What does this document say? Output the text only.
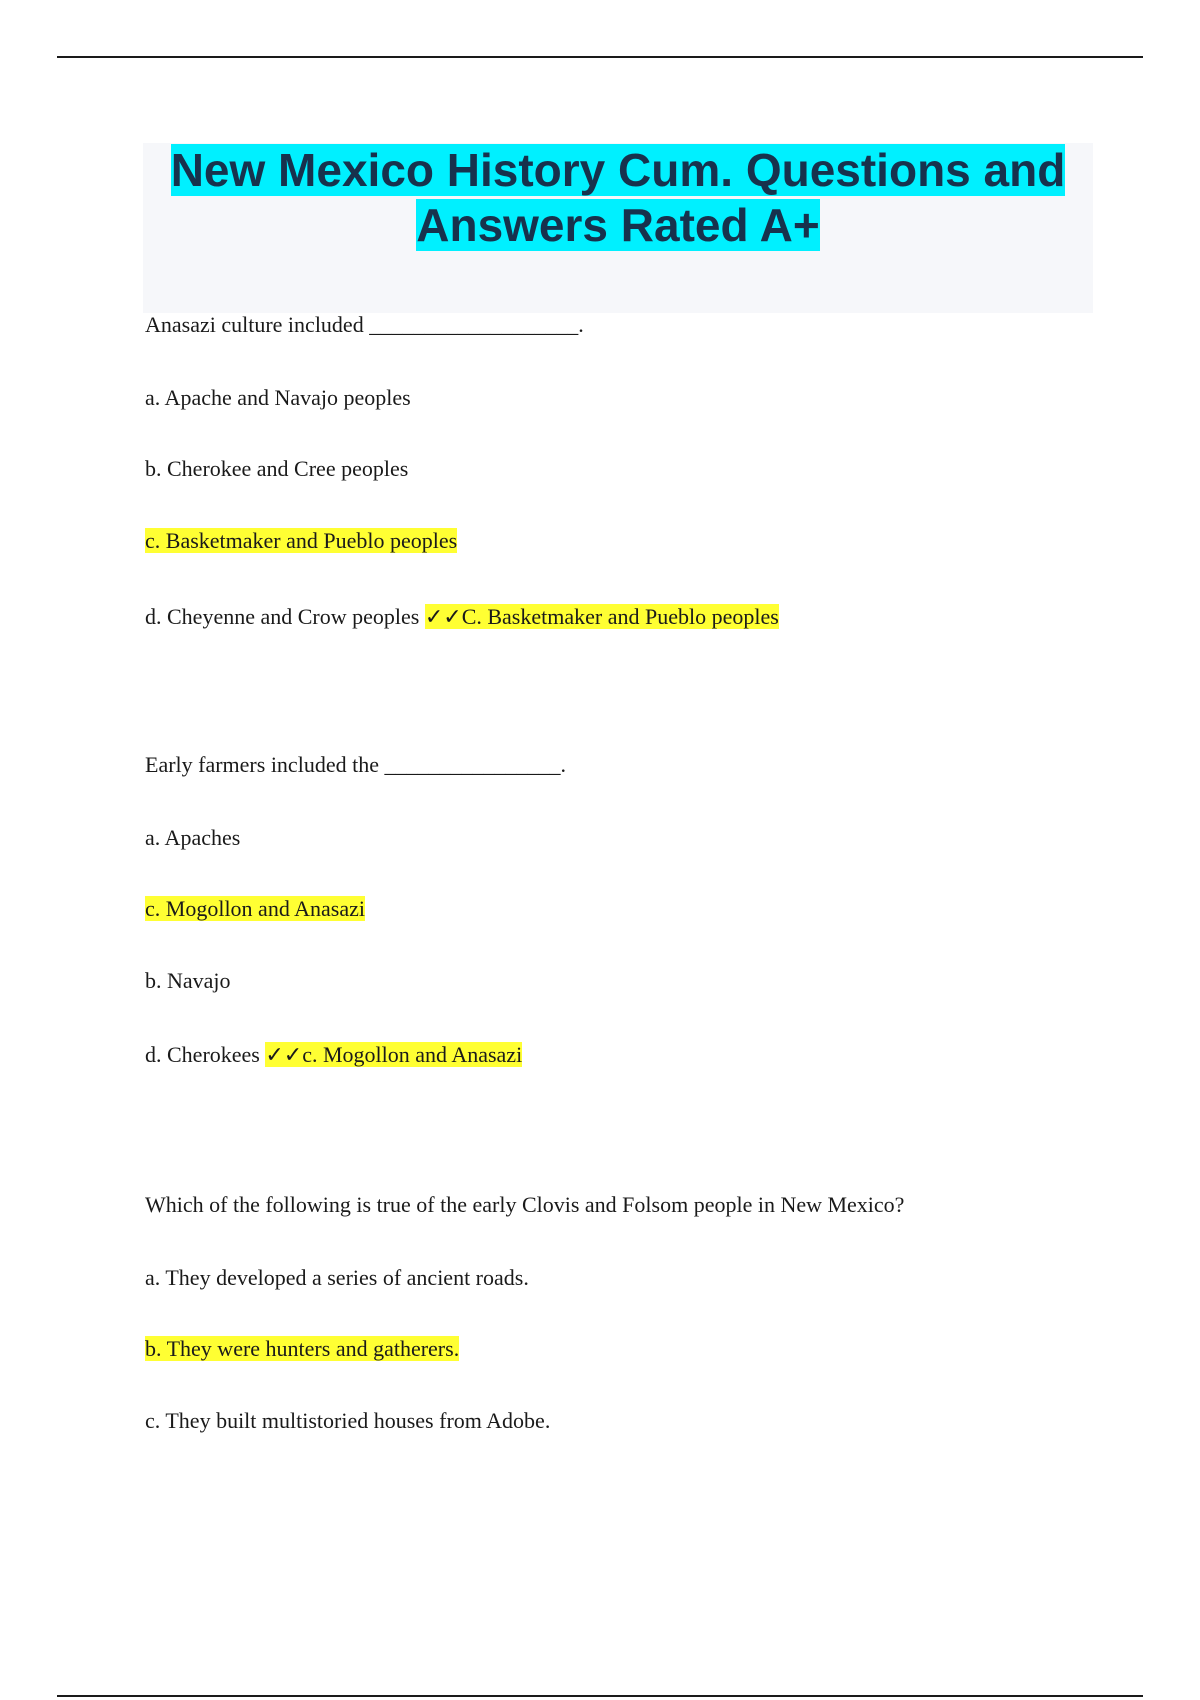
New Mexico History Cum. Questions and Answers Rated A+
Anasazi culture included ___________________.
a. Apache and Navajo peoples
b. Cherokee and Cree peoples
c. Basketmaker and Pueblo peoples
d. Cheyenne and Crow peoples ✓✓C. Basketmaker and Pueblo peoples
Early farmers included the ________________.
a. Apaches
c. Mogollon and Anasazi
b. Navajo
d. Cherokees ✓✓c. Mogollon and Anasazi
Which of the following is true of the early Clovis and Folsom people in New Mexico?
a. They developed a series of ancient roads.
b. They were hunters and gatherers.
c. They built multistoried houses from Adobe.
